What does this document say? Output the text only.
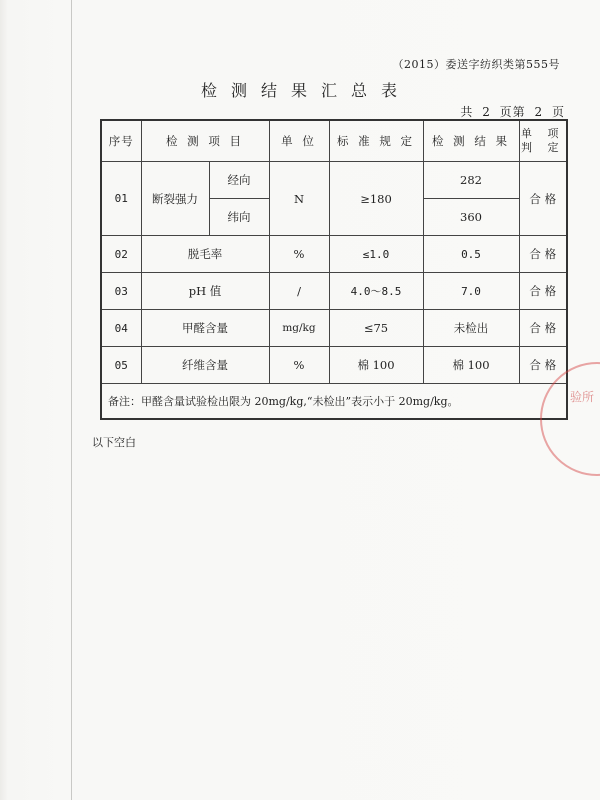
（2015）委送字纺织类第555号
检测结果汇总表
共 2 页第 2 页
序号	检 测 项 目		单 位	标 准 规 定	检 测 结 果	单 项 判 定
01	断裂强力	经向	N	≥180	282	合 格
		纬向			360	
02	脱毛率		%	≤1.0	0.5	合 格
03	pH 值		/	4.0～8.5	7.0	合 格
04	甲醛含量		mg/kg	≤75	未检出	合 格
05	纤维含量		%	棉 100	棉 100	合 格
备注：甲醛含量试验检出限为 20mg/kg,“未检出”表示小于 20mg/kg。						
以下空白
验所
